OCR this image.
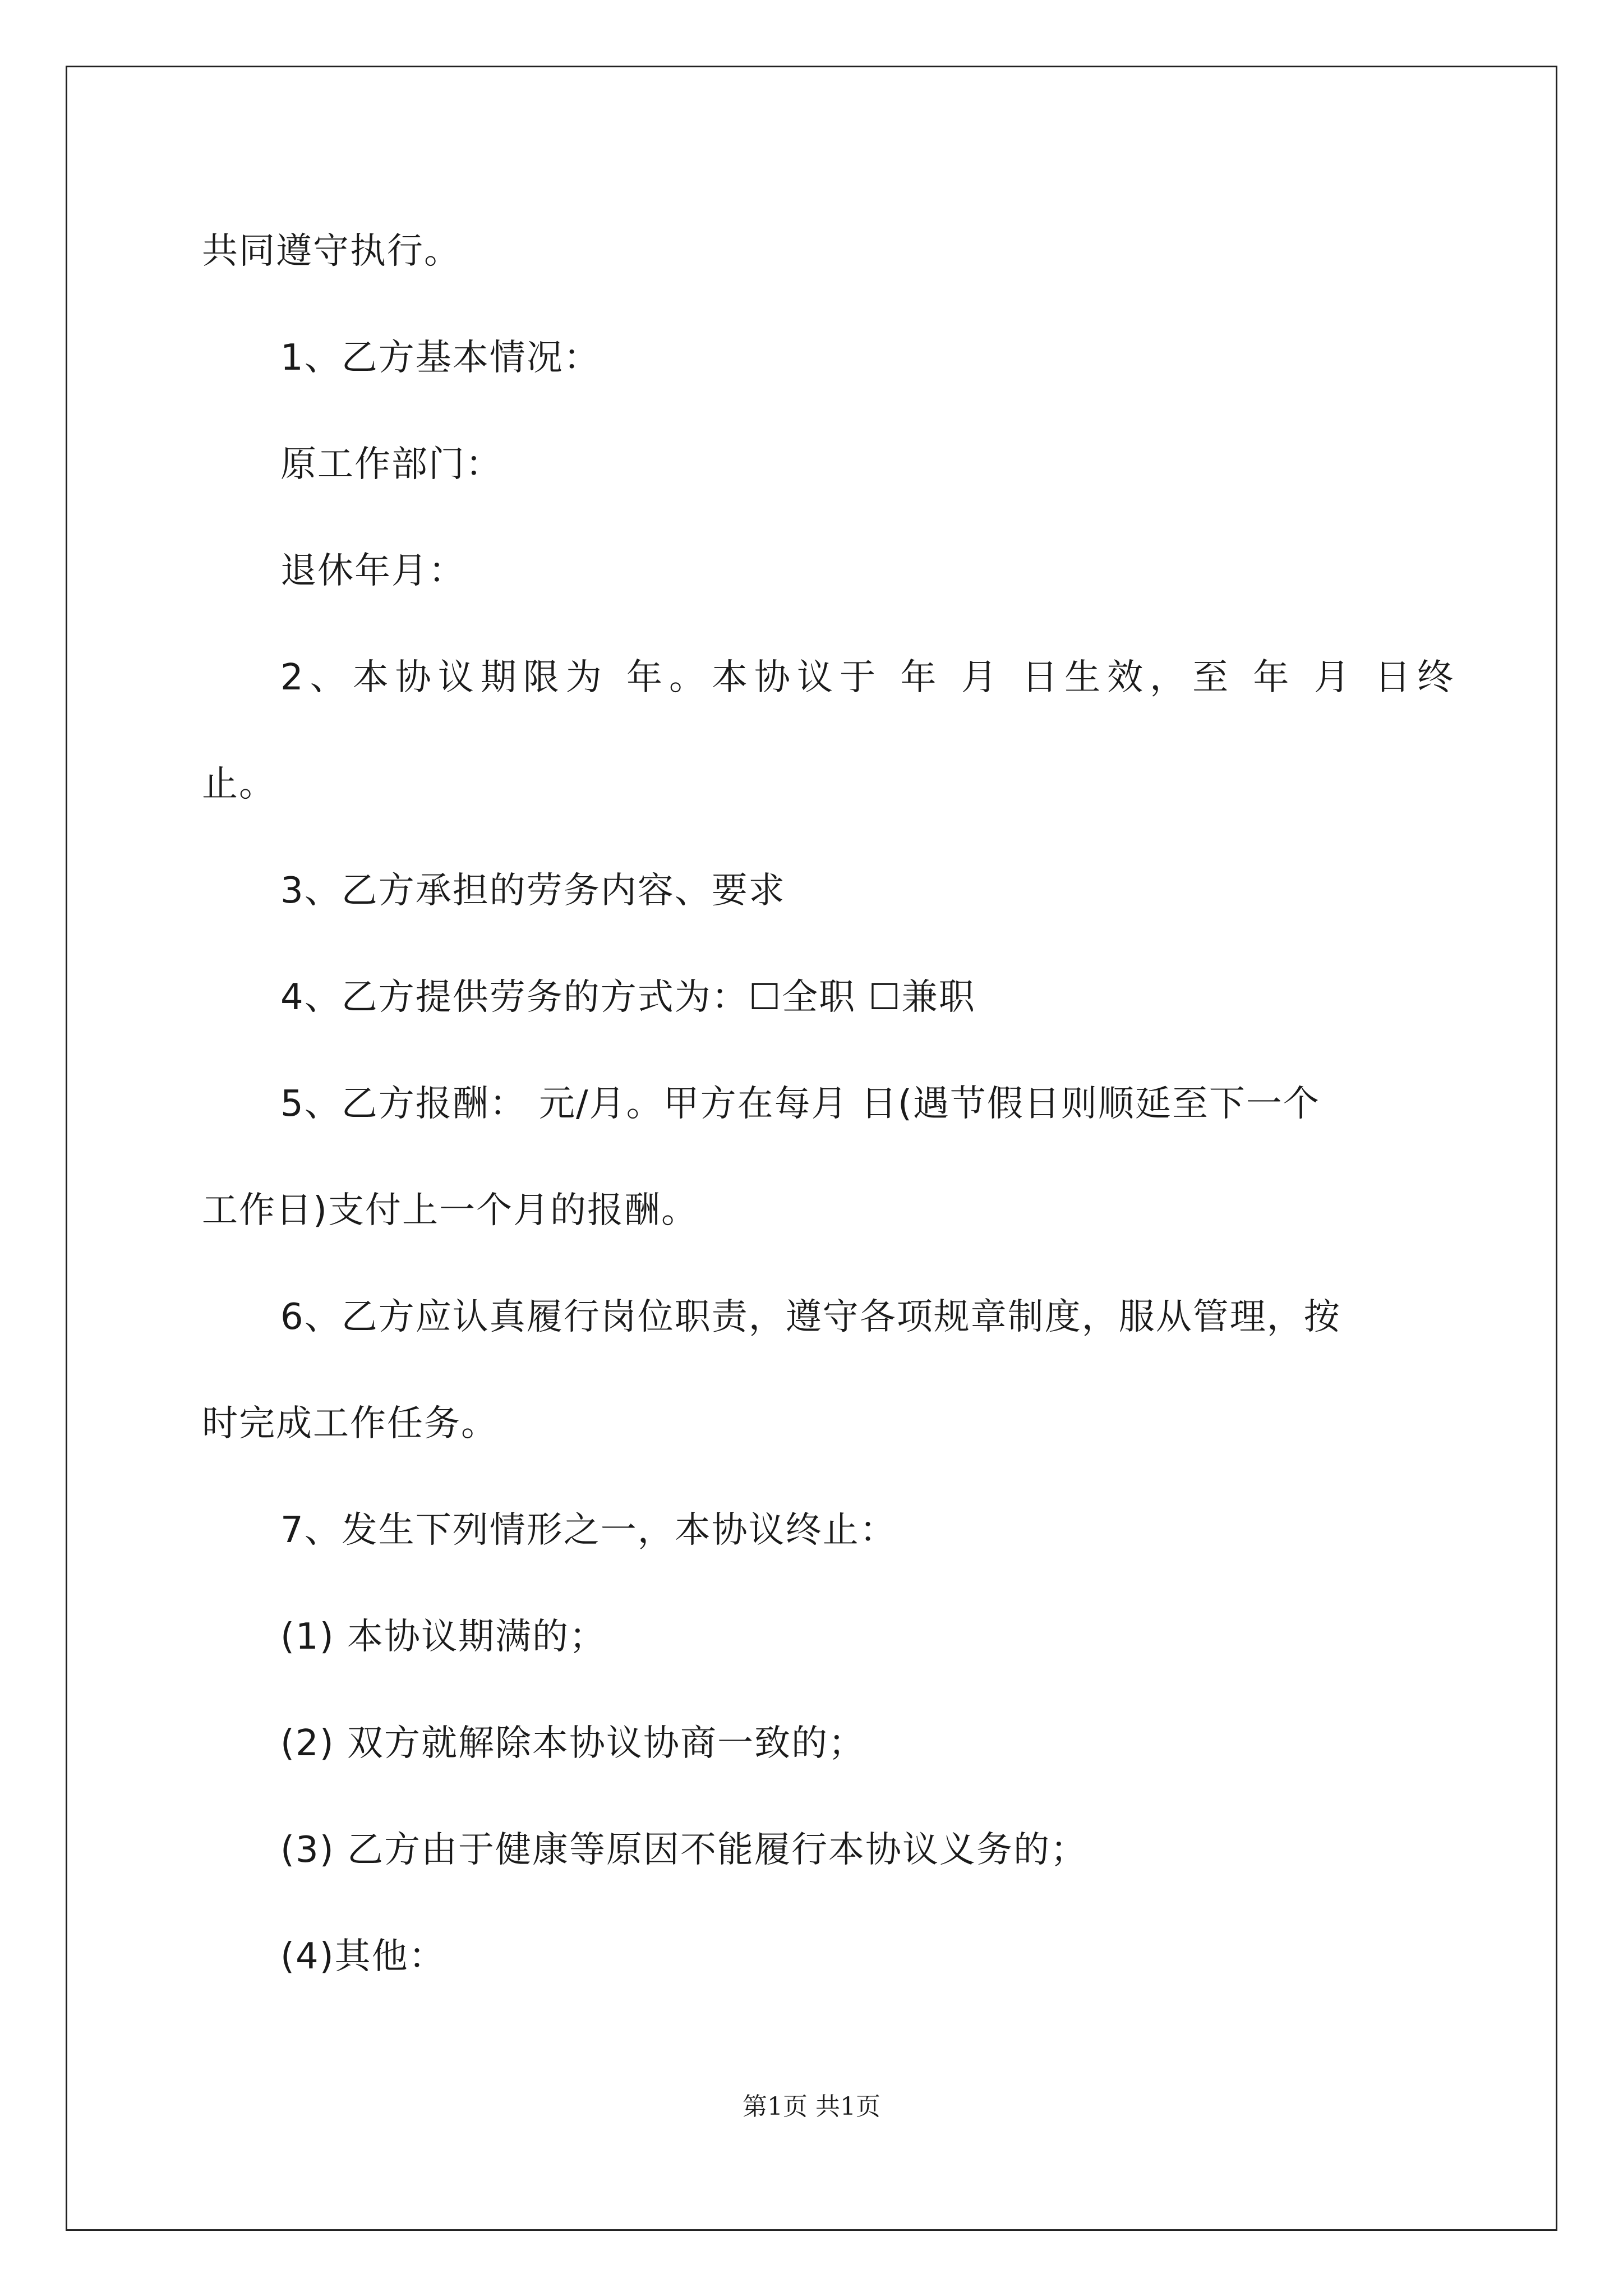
共同遵守执行。
1、乙方基本情况：
原工作部门：
退休年月：
2、本协议期限为 年。本协议于 年 月 日生效，至 年 月 日终
止。
3、乙方承担的劳务内容、要求
4、乙方提供劳务的方式为：☐全职 ☐兼职
5、乙方报酬： 元/月。甲方在每月 日(遇节假日则顺延至下一个
工作日)支付上一个月的报酬。
6、乙方应认真履行岗位职责，遵守各项规章制度，服从管理，按
时完成工作任务。
7、发生下列情形之一，本协议终止：
(1) 本协议期满的；
(2) 双方就解除本协议协商一致的；
(3) 乙方由于健康等原因不能履行本协议义务的；
(4)其他：
第1页 共1页
